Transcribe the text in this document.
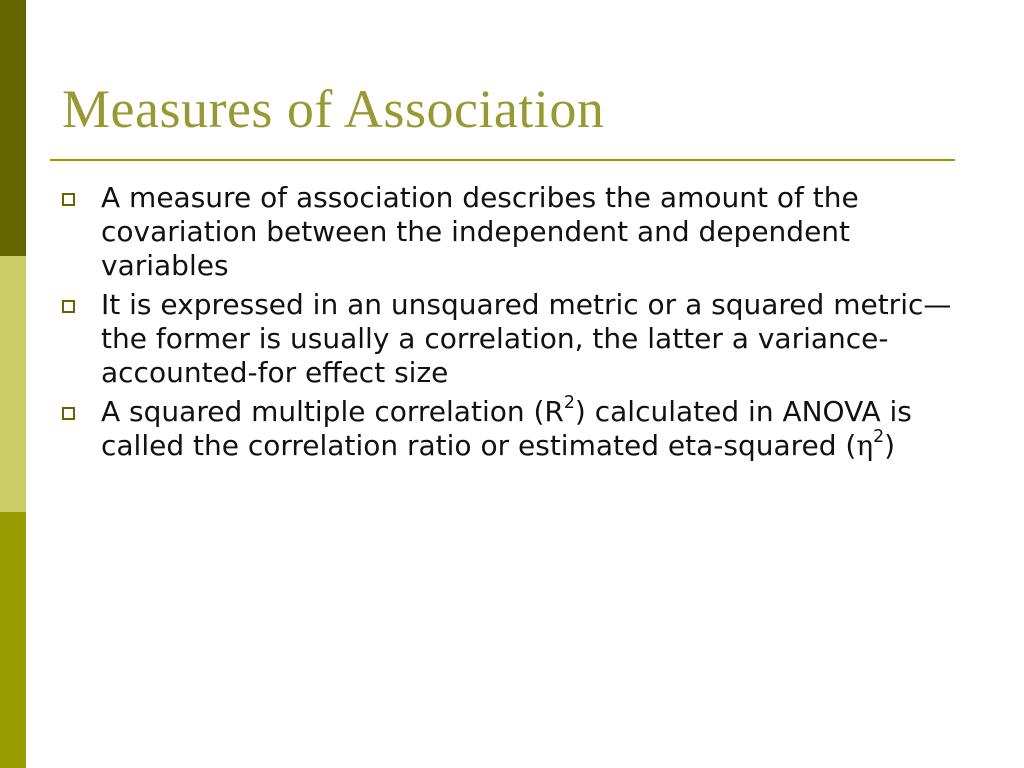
Measures of Association
A measure of association describes the amount of the covariation between the independent and dependent variables
It is expressed in an unsquared metric or a squared metric—the former is usually a correlation, the latter a variance-accounted-for effect size
A squared multiple correlation $(R^2)$ calculated in ANOVA is called the correlation ratio or estimated eta-squared $(\eta^2)$
